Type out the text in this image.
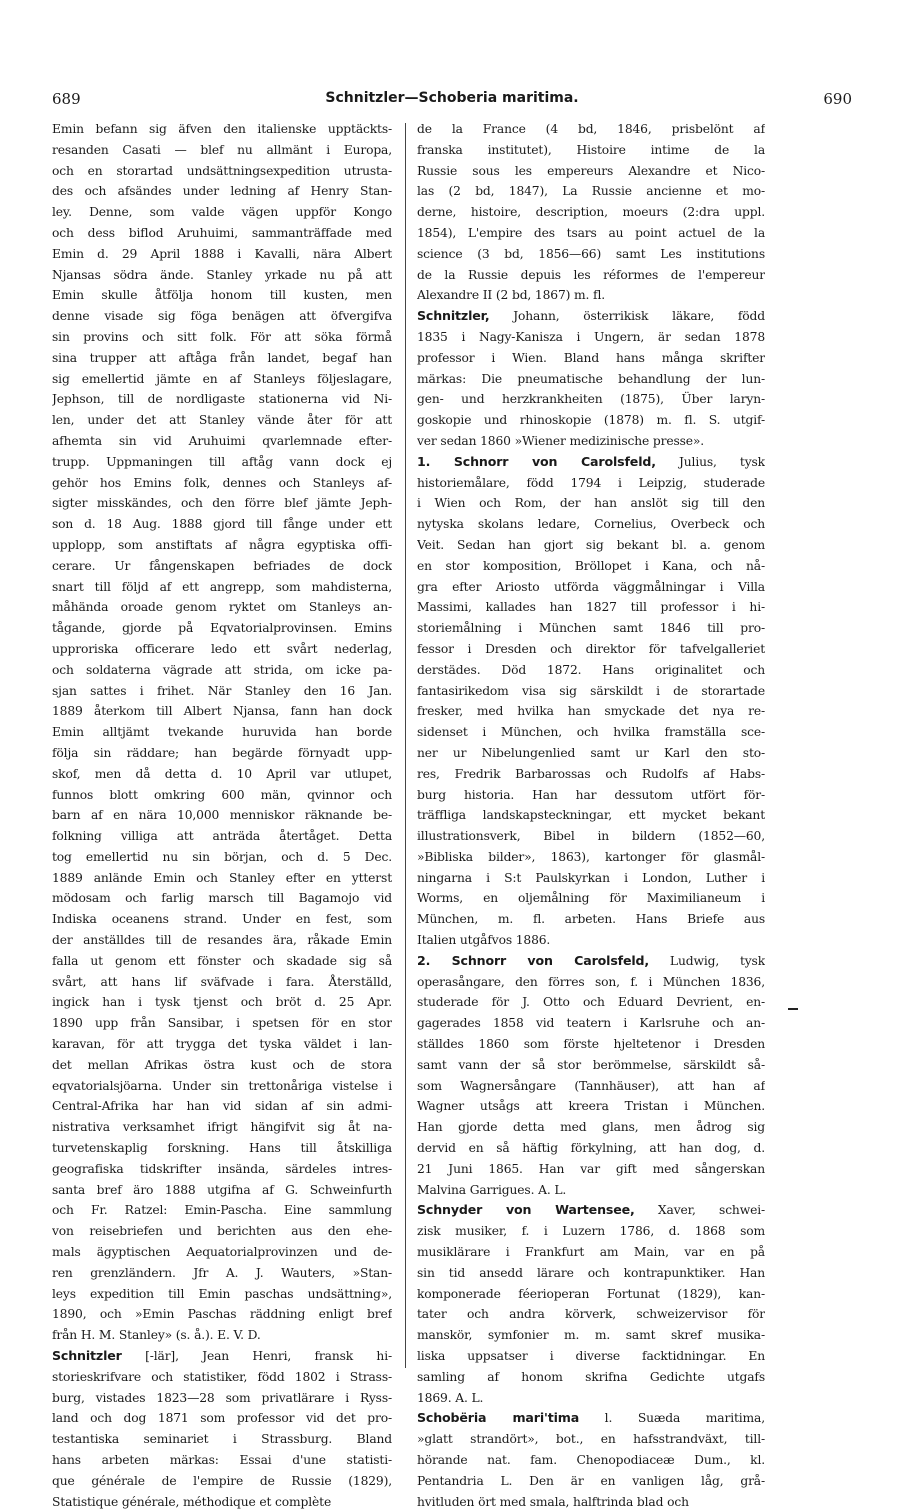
689	Schnitzler—Schoberia maritima.	690
Emin befann sig äfven den italienske upptäckts-
resanden Casati — blef nu allmänt i Europa,
och en storartad undsättningsexpedition utrusta-
des och afsändes under ledning af Henry Stan-
ley. Denne, som valde vägen uppför Kongo
och dess biflod Aruhuimi, sammanträffade med
Emin d. 29 April 1888 i Kavalli, nära Albert
Njansas södra ände. Stanley yrkade nu på att
Emin skulle åtfölja honom till kusten, men
denne visade sig föga benägen att öfvergifva
sin provins och sitt folk. För att söka förmå
sina trupper att aftåga från landet, begaf han
sig emellertid jämte en af Stanleys följeslagare,
Jephson, till de nordligaste stationerna vid Ni-
len, under det att Stanley vände åter för att
afhemta sin vid Aruhuimi qvarlemnade efter-
trupp. Uppmaningen till aftåg vann dock ej
gehör hos Emins folk, dennes och Stanleys af-
sigter misskändes, och den förre blef jämte Jeph-
son d. 18 Aug. 1888 gjord till fånge under ett
upplopp, som anstiftats af några egyptiska offi-
cerare. Ur fångenskapen befriades de dock
snart till följd af ett angrepp, som mahdisterna,
måhända oroade genom ryktet om Stanleys an-
tågande, gjorde på Eqvatorialprovinsen. Emins
upproriska officerare ledo ett svårt nederlag,
och soldaterna vägrade att strida, om icke pa-
sjan sattes i frihet. När Stanley den 16 Jan.
1889 återkom till Albert Njansa, fann han dock
Emin alltjämt tvekande huruvida han borde
följa sin räddare; han begärde förnyadt upp-
skof, men då detta d. 10 April var utlupet,
funnos blott omkring 600 män, qvinnor och
barn af en nära 10,000 menniskor räknande be-
folkning villiga att anträda återtåget. Detta
tog emellertid nu sin början, och d. 5 Dec.
1889 anlände Emin och Stanley efter en ytterst
mödosam och farlig marsch till Bagamojo vid
Indiska oceanens strand. Under en fest, som
der anställdes till de resandes ära, råkade Emin
falla ut genom ett fönster och skadade sig så
svårt, att hans lif sväfvade i fara. Återställd,
ingick han i tysk tjenst och bröt d. 25 Apr.
1890 upp från Sansibar, i spetsen för en stor
karavan, för att trygga det tyska väldet i lan-
det mellan Afrikas östra kust och de stora
eqvatorialsjöarna. Under sin trettonåriga vistelse i
Central-Afrika har han vid sidan af sin admi-
nistrativa verksamhet ifrigt hängifvit sig åt na-
turvetenskaplig forskning. Hans till åtskilliga
geografiska tidskrifter insända, särdeles intres-
santa bref äro 1888 utgifna af G. Schweinfurth
och Fr. Ratzel: Emin-Pascha. Eine sammlung
von reisebriefen und berichten aus den ehe-
mals ägyptischen Aequatorialprovinzen und de-
ren grenzländern. Jfr A. J. Wauters, »Stan-
leys expedition till Emin paschas undsättning»,
1890, och »Emin Paschas räddning enligt bref
från H. M. Stanley» (s. å.). E. V. D.
Schnitzler [-lär], Jean Henri, fransk hi-
storieskrifvare och statistiker, född 1802 i Strass-
burg, vistades 1823—28 som privatlärare i Ryss-
land och dog 1871 som professor vid det pro-
testantiska seminariet i Strassburg. Bland
hans arbeten märkas: Essai d'une statisti-
que générale de l'empire de Russie (1829),
Statistique générale, méthodique et complète
de la France (4 bd, 1846, prisbelönt af
franska institutet), Histoire intime de la
Russie sous les empereurs Alexandre et Nico-
las (2 bd, 1847), La Russie ancienne et mo-
derne, histoire, description, moeurs (2:dra uppl.
1854), L'empire des tsars au point actuel de la
science (3 bd, 1856—66) samt Les institutions
de la Russie depuis les réformes de l'empereur
Alexandre II (2 bd, 1867) m. fl.
Schnitzler, Johann, österrikisk läkare, född
1835 i Nagy-Kanisza i Ungern, är sedan 1878
professor i Wien. Bland hans många skrifter
märkas: Die pneumatische behandlung der lun-
gen- und herzkrankheiten (1875), Über laryn-
goskopie und rhinoskopie (1878) m. fl. S. utgif-
ver sedan 1860 »Wiener medizinische presse».
1. Schnorr von Carolsfeld, Julius, tysk
historiemålare, född 1794 i Leipzig, studerade
i Wien och Rom, der han anslöt sig till den
nytyska skolans ledare, Cornelius, Overbeck och
Veit. Sedan han gjort sig bekant bl. a. genom
en stor komposition, Bröllopet i Kana, och nå-
gra efter Ariosto utförda väggmålningar i Villa
Massimi, kallades han 1827 till professor i hi-
storiemålning i München samt 1846 till pro-
fessor i Dresden och direktor för tafvelgalleriet
derstädes. Död 1872. Hans originalitet och
fantasirikedom visa sig särskildt i de storartade
fresker, med hvilka han smyckade det nya re-
sidenset i München, och hvilka framställa sce-
ner ur Nibelungenlied samt ur Karl den sto-
res, Fredrik Barbarossas och Rudolfs af Habs-
burg historia. Han har dessutom utfört för-
träffliga landskapsteckningar, ett mycket bekant
illustrationsverk, Bibel in bildern (1852—60,
»Bibliska bilder», 1863), kartonger för glasmål-
ningarna i S:t Paulskyrkan i London, Luther i
Worms, en oljemålning för Maximilianeum i
München, m. fl. arbeten. Hans Briefe aus
Italien utgåfvos 1886.
2. Schnorr von Carolsfeld, Ludwig, tysk
operasångare, den förres son, f. i München 1836,
studerade för J. Otto och Eduard Devrient, en-
gagerades 1858 vid teatern i Karlsruhe och an-
ställdes 1860 som förste hjeltetenor i Dresden
samt vann der så stor berömmelse, särskildt så-
som Wagnersångare (Tannhäuser), att han af
Wagner utsågs att kreera Tristan i München.
Han gjorde detta med glans, men ådrog sig
dervid en så häftig förkylning, att han dog, d.
21 Juni 1865. Han var gift med sångerskan
Malvina Garrigues. A. L.
Schnyder von Wartensee, Xaver, schwei-
zisk musiker, f. i Luzern 1786, d. 1868 som
musiklärare i Frankfurt am Main, var en på
sin tid ansedd lärare och kontrapunktiker. Han
komponerade féerioperan Fortunat (1829), kan-
tater och andra körverk, schweizervisor för
manskör, symfonier m. m. samt skref musika-
liska uppsatser i diverse facktidningar. En
samling af honom skrifna Gedichte utgafs
1869. A. L.
Schobëria mari'tima l. Suæda maritima,
»glatt strandört», bot., en hafsstrandväxt, till-
hörande nat. fam. Chenopodiaceæ Dum., kl.
Pentandria L. Den är en vanligen låg, grå-
hvitluden ört med smala, halftrinda blad och
